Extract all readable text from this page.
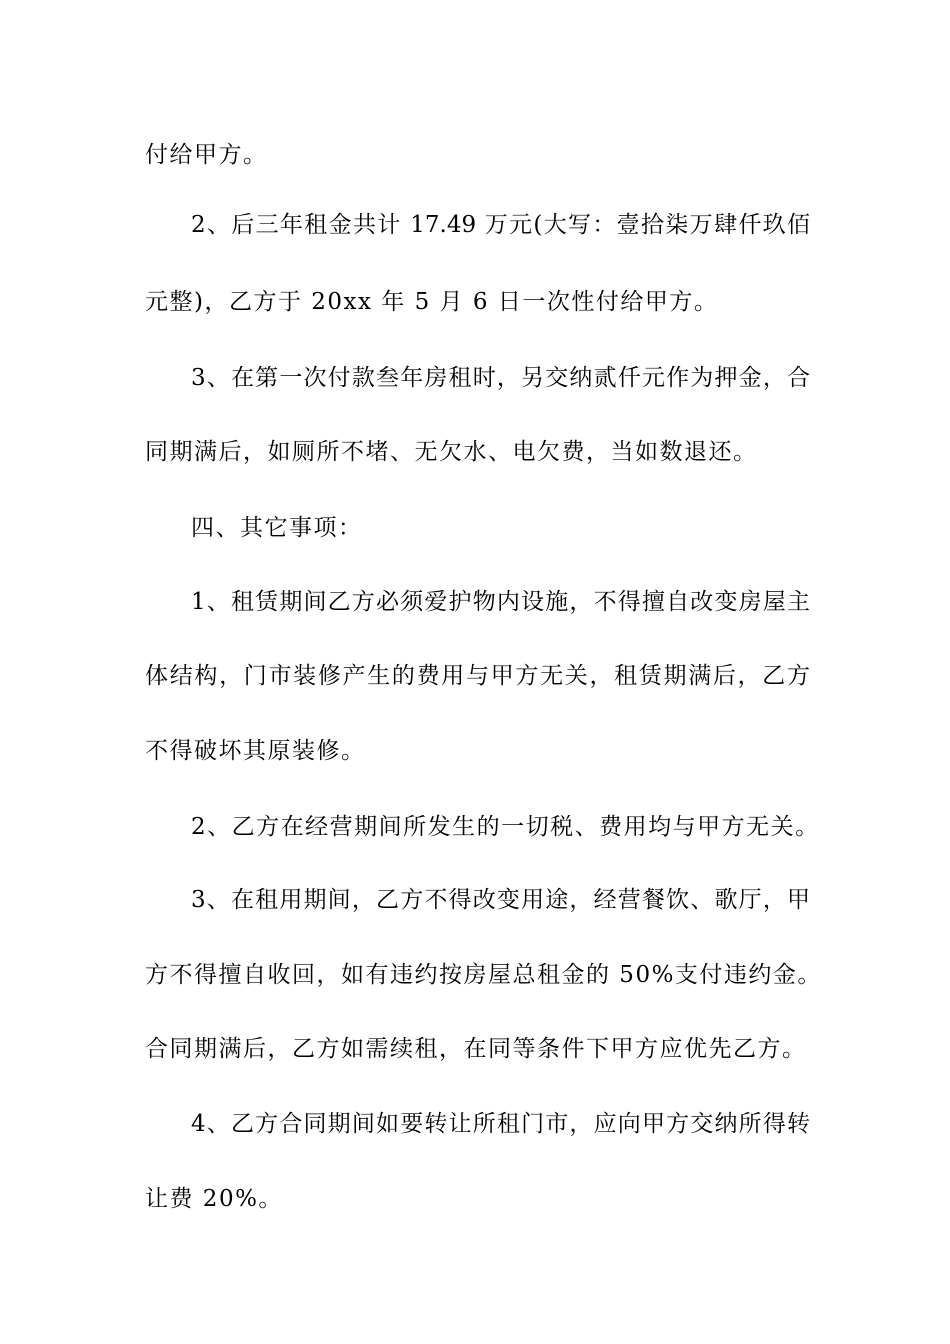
付给甲方。
2、后三年租金共计 17.49 万元(大写：壹拾柒万肆仟玖佰
元整)，乙方于 20xx 年 5 月 6 日一次性付给甲方。
3、在第一次付款叁年房租时，另交纳贰仟元作为押金，合
同期满后，如厕所不堵、无欠水、电欠费，当如数退还。
四、其它事项：
1、租赁期间乙方必须爱护物内设施，不得擅自改变房屋主
体结构，门市装修产生的费用与甲方无关，租赁期满后，乙方
不得破坏其原装修。
2、乙方在经营期间所发生的一切税、费用均与甲方无关。
3、在租用期间，乙方不得改变用途，经营餐饮、歌厅，甲
方不得擅自收回，如有违约按房屋总租金的 50%支付违约金。
合同期满后，乙方如需续租，在同等条件下甲方应优先乙方。
4、乙方合同期间如要转让所租门市，应向甲方交纳所得转
让费 20%。
